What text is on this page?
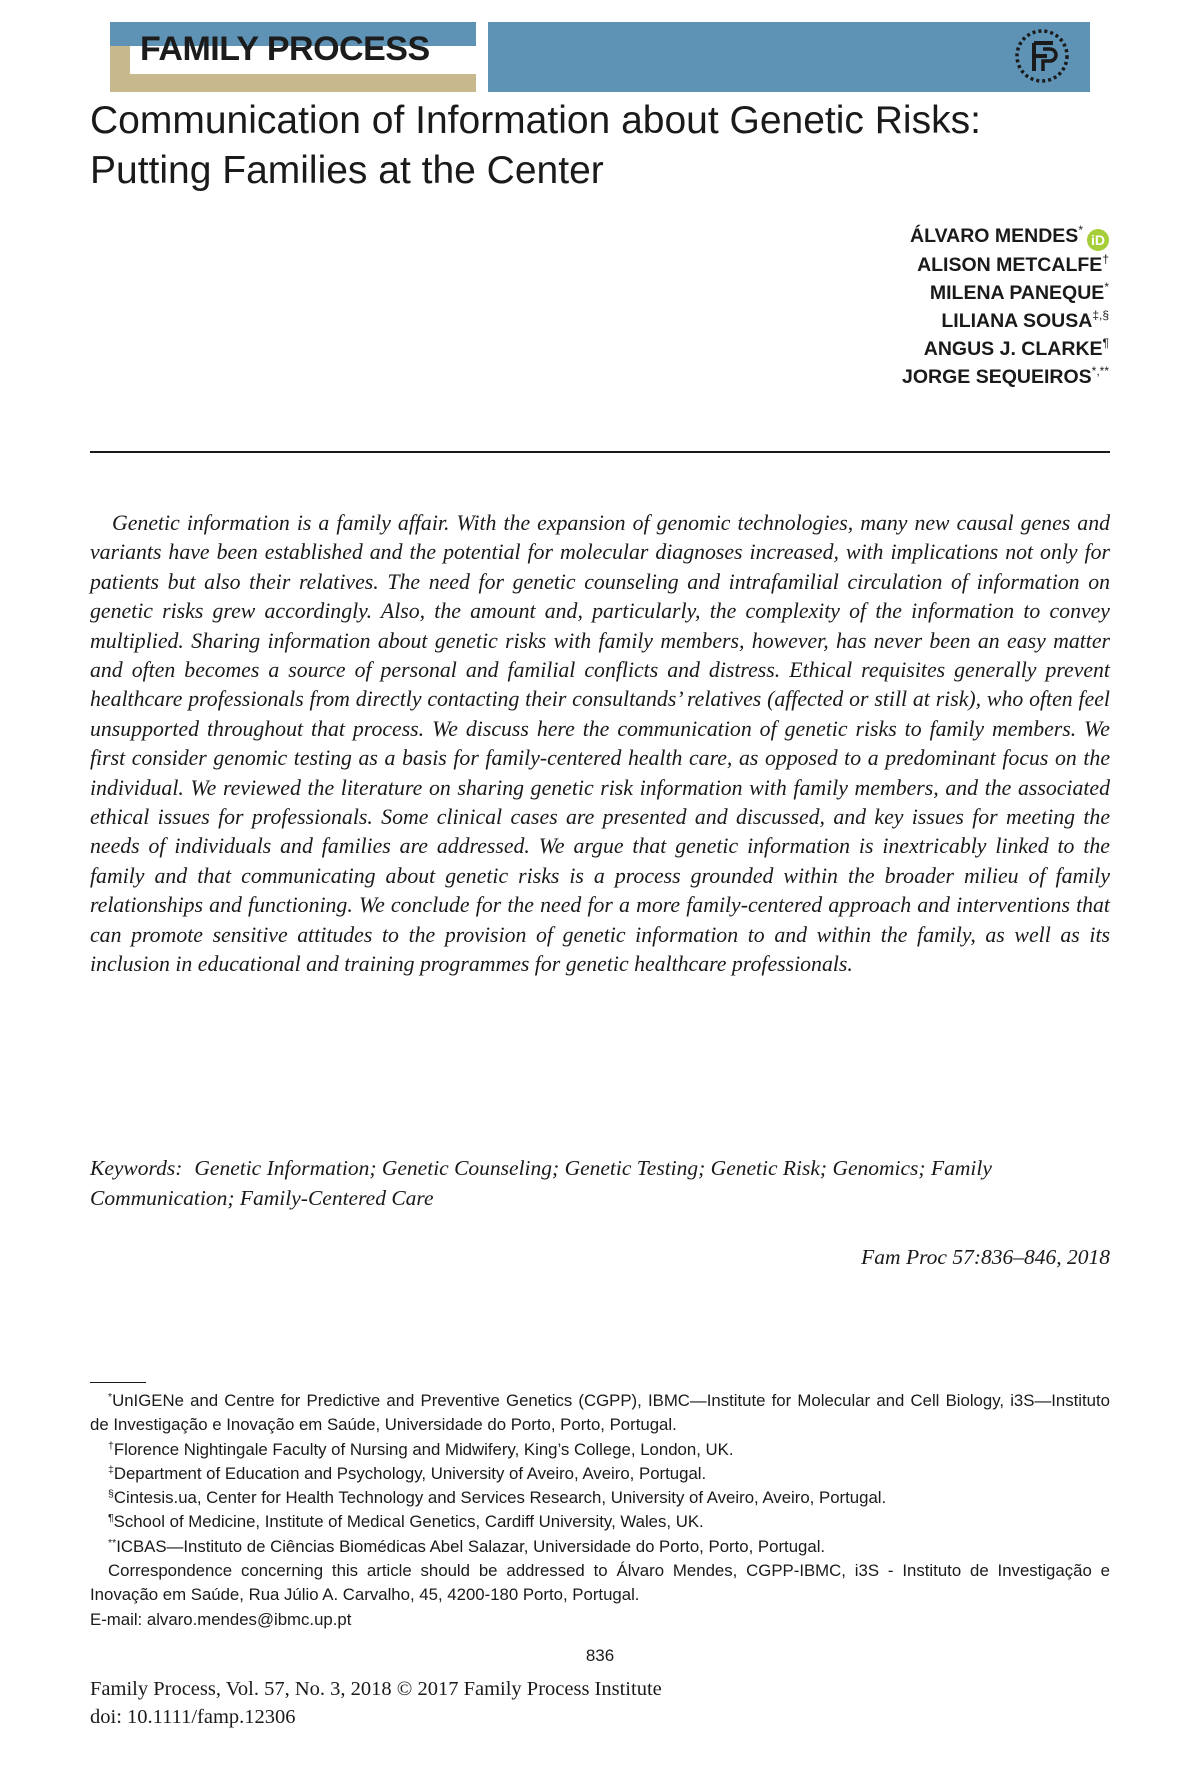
FAMILY PROCESS
Communication of Information about Genetic Risks:
Putting Families at the Center
ÁLVARO MENDES*iD
ALISON METCALFE†
MILENA PANEQUE*
LILIANA SOUSA‡,§
ANGUS J. CLARKE¶
JORGE SEQUEIROS*,**
Genetic information is a family affair. With the expansion of genomic technologies, many new causal genes and variants have been established and the potential for molecular diagnoses increased, with implications not only for patients but also their relatives. The need for genetic counseling and intrafamilial circulation of information on genetic risks grew accordingly. Also, the amount and, particularly, the complexity of the information to convey multiplied. Sharing information about genetic risks with family members, however, has never been an easy matter and often becomes a source of personal and familial conflicts and distress. Ethical requisites generally prevent healthcare professionals from directly contacting their consultands’ relatives (affected or still at risk), who often feel unsupported throughout that process. We discuss here the communication of genetic risks to family members. We first consider genomic testing as a basis for family-centered health care, as opposed to a predominant focus on the individual. We reviewed the literature on sharing genetic risk information with family members, and the associated ethical issues for professionals. Some clinical cases are presented and discussed, and key issues for meeting the needs of individuals and families are addressed. We argue that genetic information is inextricably linked to the family and that communicating about genetic risks is a process grounded within the broader milieu of family relationships and functioning. We conclude for the need for a more family-centered approach and interventions that can promote sensitive attitudes to the provision of genetic information to and within the family, as well as its inclusion in educational and training programmes for genetic healthcare professionals.
Keywords: Genetic Information; Genetic Counseling; Genetic Testing; Genetic Risk; Genomics; Family Communication; Family-Centered Care
Fam Proc 57:836–846, 2018
*UnIGENe and Centre for Predictive and Preventive Genetics (CGPP), IBMC—Institute for Molecular and Cell Biology, i3S—Instituto de Investigação e Inovação em Saúde, Universidade do Porto, Porto, Portugal.
†Florence Nightingale Faculty of Nursing and Midwifery, King’s College, London, UK.
‡Department of Education and Psychology, University of Aveiro, Aveiro, Portugal.
§Cintesis.ua, Center for Health Technology and Services Research, University of Aveiro, Aveiro, Portugal.
¶School of Medicine, Institute of Medical Genetics, Cardiff University, Wales, UK.
**ICBAS—Instituto de Ciências Biomédicas Abel Salazar, Universidade do Porto, Porto, Portugal.
Correspondence concerning this article should be addressed to Álvaro Mendes, CGPP-IBMC, i3S - Instituto de Investigação e Inovação em Saúde, Rua Júlio A. Carvalho, 45, 4200-180 Porto, Portugal.
E-mail: alvaro.mendes@ibmc.up.pt
836
Family Process, Vol. 57, No. 3, 2018 © 2017 Family Process Institute
doi: 10.1111/famp.12306
